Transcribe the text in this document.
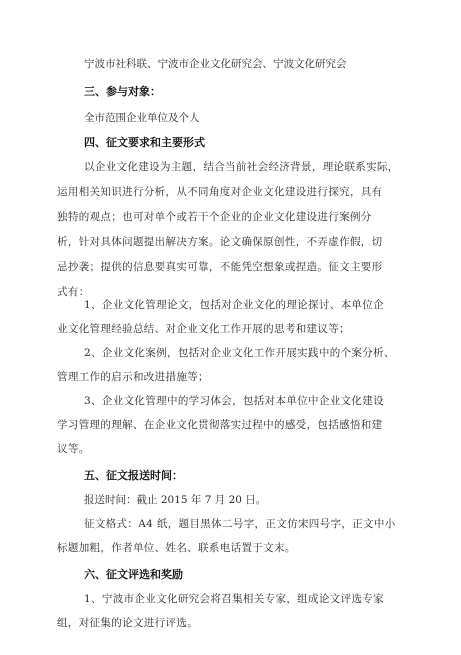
宁波市社科联、宁波市企业文化研究会、宁波文化研究会
三、参与对象：
全市范围企业单位及个人
四、征文要求和主要形式
以企业文化建设为主题，结合当前社会经济背景，理论联系实际，
运用相关知识进行分析，从不同角度对企业文化建设进行探究，具有
独特的观点；也可对单个或若干个企业的企业文化建设进行案例分
析，针对具体问题提出解决方案。论文确保原创性，不弄虚作假，切
忌抄袭；提供的信息要真实可靠，不能凭空想象或捏造。征文主要形
式有：
1、企业文化管理论文，包括对企业文化的理论探讨、本单位企
业文化管理经验总结、对企业文化工作开展的思考和建议等；
2、企业文化案例，包括对企业文化工作开展实践中的个案分析、
管理工作的启示和改进措施等；
3、企业文化管理中的学习体会，包括对本单位中企业文化建设
学习管理的理解、在企业文化贯彻落实过程中的感受，包括感悟和建
议等。
五、征文报送时间：
报送时间：截止 2015 年 7 月 20 日。
征文格式：A4 纸，题目黑体二号字，正文仿宋四号字，正文中小
标题加粗，作者单位、姓名、联系电话置于文末。
六、征文评选和奖励
1、宁波市企业文化研究会将召集相关专家，组成论文评选专家
组，对征集的论文进行评选。
